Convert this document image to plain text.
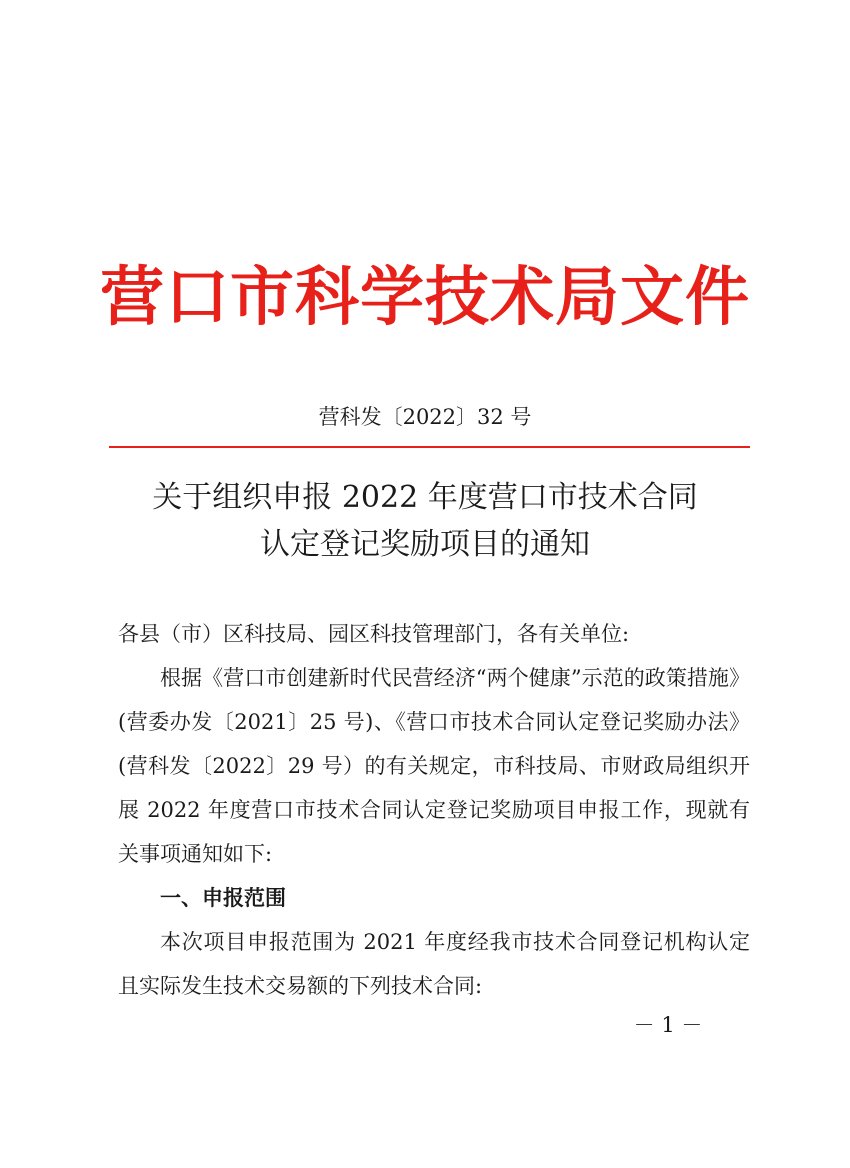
营口市科学技术局文件
营科发〔2022〕32 号
关于组织申报 2022 年度营口市技术合同
认定登记奖励项目的通知

各县（市）区科技局、园区科技管理部门，各有关单位:

根据《营口市创建新时代民营经济“两个健康”示范的政策措施》(营委办发〔2021〕25 号)、《营口市技术合同认定登记奖励办法》(营科发〔2022〕29 号）的有关规定，市科技局、市财政局组织开展 2022 年度营口市技术合同认定登记奖励项目申报工作，现就有关事项通知如下:

一、申报范围

本次项目申报范围为 2021 年度经我市技术合同登记机构认定且实际发生技术交易额的下列技术合同:

－ 1 －
